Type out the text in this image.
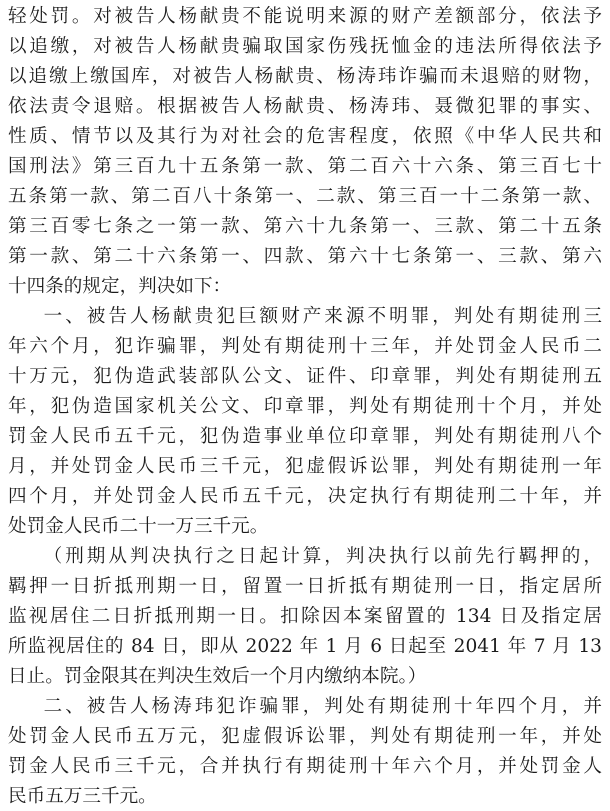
轻处罚。对被告人杨献贵不能说明来源的财产差额部分，依法予
以追缴，对被告人杨献贵骗取国家伤残抚恤金的违法所得依法予
以追缴上缴国库，对被告人杨献贵、杨涛玮诈骗而未退赔的财物，
依法责令退赔。根据被告人杨献贵、杨涛玮、聂微犯罪的事实、
性质、情节以及其行为对社会的危害程度，依照《中华人民共和
国刑法》第三百九十五条第一款、第二百六十六条、第三百七十
五条第一款、第二百八十条第一、二款、第三百一十二条第一款、
第三百零七条之一第一款、第六十九条第一、三款、第二十五条
第一款、第二十六条第一、四款、第六十七条第一、三款、第六
十四条的规定，判决如下：
一、被告人杨献贵犯巨额财产来源不明罪，判处有期徒刑三
年六个月，犯诈骗罪，判处有期徒刑十三年，并处罚金人民币二
十万元，犯伪造武装部队公文、证件、印章罪，判处有期徒刑五
年，犯伪造国家机关公文、印章罪，判处有期徒刑十个月，并处
罚金人民币五千元，犯伪造事业单位印章罪，判处有期徒刑八个
月，并处罚金人民币三千元，犯虚假诉讼罪，判处有期徒刑一年
四个月，并处罚金人民币五千元，决定执行有期徒刑二十年，并
处罚金人民币二十一万三千元。
（刑期从判决执行之日起计算，判决执行以前先行羁押的，
羁押一日折抵刑期一日，留置一日折抵有期徒刑一日，指定居所
监视居住二日折抵刑期一日。扣除因本案留置的 134 日及指定居
所监视居住的 84 日，即从 2022 年 1 月 6 日起至 2041 年 7 月 13
日止。罚金限其在判决生效后一个月内缴纳本院。）
二、被告人杨涛玮犯诈骗罪，判处有期徒刑十年四个月，并
处罚金人民币五万元，犯虚假诉讼罪，判处有期徒刑一年，并处
罚金人民币三千元，合并执行有期徒刑十年六个月，并处罚金人
民币五万三千元。
